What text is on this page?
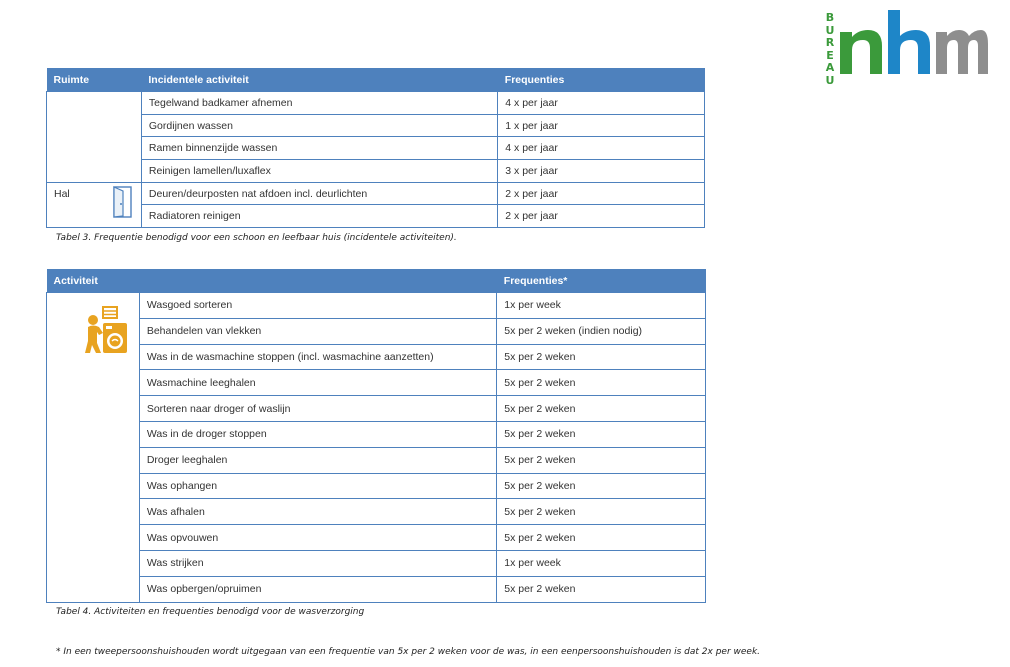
B
U
R
E
A
U
Ruimte	Incidentele activiteit	Frequenties
	Tegelwand badkamer afnemen	4 x per jaar
	Gordijnen wassen	1 x per jaar
	Ramen binnenzijde wassen	4 x per jaar
	Reinigen lamellen/luxaflex	3 x per jaar
Hal	Deuren/deurposten nat afdoen incl. deurlichten	2 x per jaar
	Radiatoren reinigen	2 x per jaar
Tabel 3. Frequentie benodigd voor een schoon en leefbaar huis (incidentele activiteiten).
Activiteit		Frequenties*

	Wasgoed sorteren	1x per week
	Behandelen van vlekken	5x per 2 weken (indien nodig)
	Was in de wasmachine stoppen (incl. wasmachine aanzetten)	5x per 2 weken
	Wasmachine leeghalen	5x per 2 weken
	Sorteren naar droger of waslijn	5x per 2 weken
	Was in de droger stoppen	5x per 2 weken
	Droger leeghalen	5x per 2 weken
	Was ophangen	5x per 2 weken
	Was afhalen	5x per 2 weken
	Was opvouwen	5x per 2 weken
	Was strijken	1x per week
	Was opbergen/opruimen	5x per 2 weken
Tabel 4. Activiteiten en frequenties benodigd voor de wasverzorging
* In een tweepersoonshuishouden wordt uitgegaan van een frequentie van 5x per 2 weken voor de was, in een eenpersoonshuishouden is dat 2x per week.
